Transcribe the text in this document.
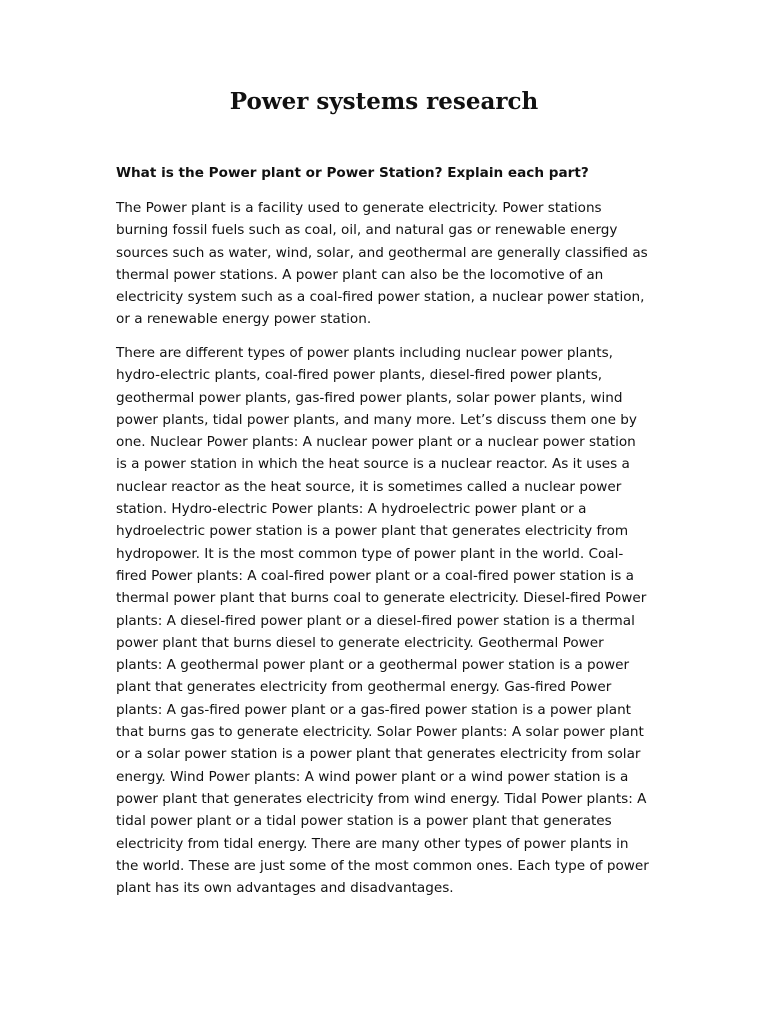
Power systems research

What is the Power plant or Power Station? Explain each part?

The Power plant is a facility used to generate electricity. Power stations
burning fossil fuels such as coal, oil, and natural gas or renewable energy
sources such as water, wind, solar, and geothermal are generally classified as
thermal power stations. A power plant can also be the locomotive of an
electricity system such as a coal-fired power station, a nuclear power station,
or a renewable energy power station.

There are different types of power plants including nuclear power plants,
hydro-electric plants, coal-fired power plants, diesel-fired power plants,
geothermal power plants, gas-fired power plants, solar power plants, wind
power plants, tidal power plants, and many more. Let’s discuss them one by
one. Nuclear Power plants: A nuclear power plant or a nuclear power station
is a power station in which the heat source is a nuclear reactor. As it uses a
nuclear reactor as the heat source, it is sometimes called a nuclear power
station. Hydro-electric Power plants: A hydroelectric power plant or a
hydroelectric power station is a power plant that generates electricity from
hydropower. It is the most common type of power plant in the world. Coal-
fired Power plants: A coal-fired power plant or a coal-fired power station is a
thermal power plant that burns coal to generate electricity. Diesel-fired Power
plants: A diesel-fired power plant or a diesel-fired power station is a thermal
power plant that burns diesel to generate electricity. Geothermal Power
plants: A geothermal power plant or a geothermal power station is a power
plant that generates electricity from geothermal energy. Gas-fired Power
plants: A gas-fired power plant or a gas-fired power station is a power plant
that burns gas to generate electricity. Solar Power plants: A solar power plant
or a solar power station is a power plant that generates electricity from solar
energy. Wind Power plants: A wind power plant or a wind power station is a
power plant that generates electricity from wind energy. Tidal Power plants: A
tidal power plant or a tidal power station is a power plant that generates
electricity from tidal energy. There are many other types of power plants in
the world. These are just some of the most common ones. Each type of power
plant has its own advantages and disadvantages.
